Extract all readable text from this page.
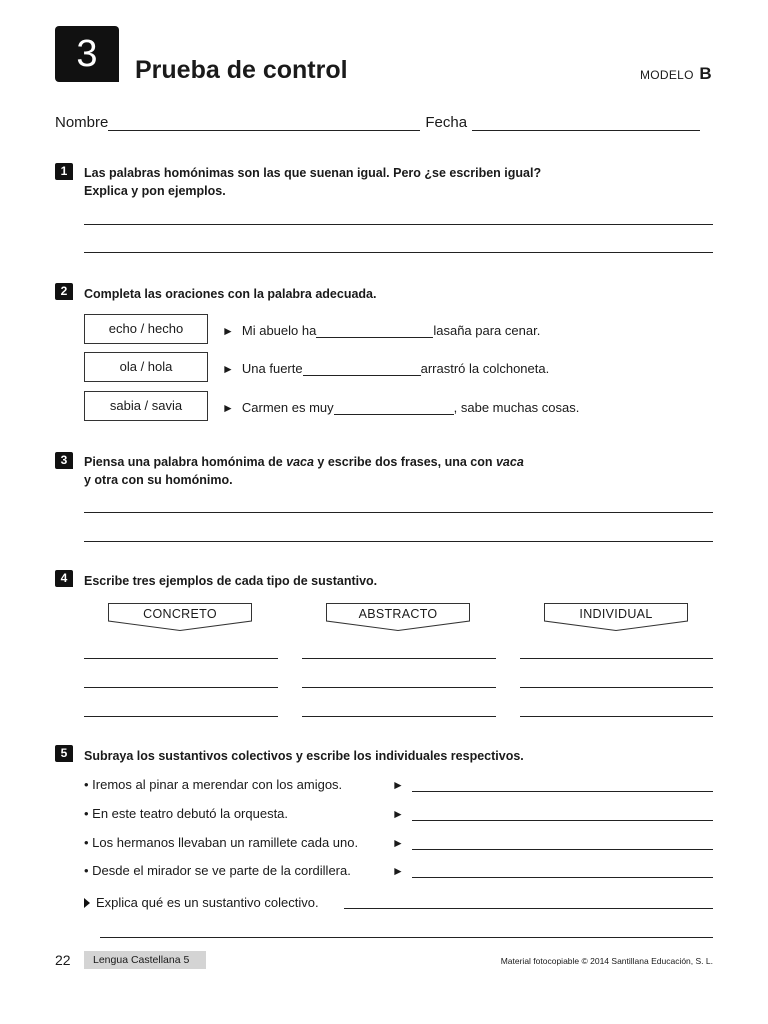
3	Prueba de control	MODELO B
Nombre	Fecha
1	Las palabras homónimas son las que suenan igual. Pero ¿se escriben igual?
Explica y pon ejemplos.
2	Completa las oraciones con la palabra adecuada.
echo / hecho	► Mi abuelo ha	lasaña para cenar.
ola / hola	► Una fuerte	arrastró la colchoneta.
sabia / savia	► Carmen es muy	, sabe muchas cosas.
3	Piensa una palabra homónima de vaca y escribe dos frases, una con vaca
y otra con su homónimo.
4	Escribe tres ejemplos de cada tipo de sustantivo.
CONCRETO	ABSTRACTO	INDIVIDUAL
5	Subraya los sustantivos colectivos y escribe los individuales respectivos.
• Iremos al pinar a merendar con los amigos.	►
• En este teatro debutó la orquesta.	►
• Los hermanos llevaban un ramillete cada uno.	►
• Desde el mirador se ve parte de la cordillera.	►
Explica qué es un sustantivo colectivo.
22	Lengua Castellana 5	Material fotocopiable © 2014 Santillana Educación, S. L.
